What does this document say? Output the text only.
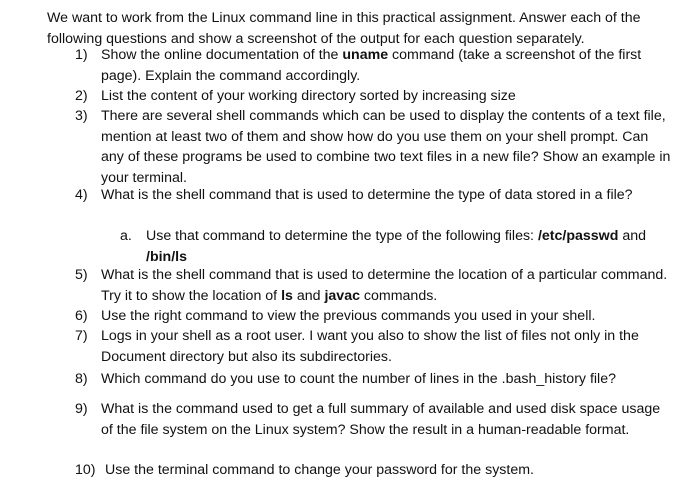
We want to work from the Linux command line in this practical assignment. Answer each of the following questions and show a screenshot of the output for each question separately.
1) Show the online documentation of the uname command (take a screenshot of the first page). Explain the command accordingly.
2) List the content of your working directory sorted by increasing size
3) There are several shell commands which can be used to display the contents of a text file, mention at least two of them and show how do you use them on your shell prompt. Can any of these programs be used to combine two text files in a new file? Show an example in your terminal.
4) What is the shell command that is used to determine the type of data stored in a file?
a. Use that command to determine the type of the following files: /etc/passwd and /bin/ls
5) What is the shell command that is used to determine the location of a particular command. Try it to show the location of ls and javac commands.
6) Use the right command to view the previous commands you used in your shell.
7) Logs in your shell as a root user. I want you also to show the list of files not only in the Document directory but also its subdirectories.
8) Which command do you use to count the number of lines in the .bash_history file?
9) What is the command used to get a full summary of available and used disk space usage of the file system on the Linux system? Show the result in a human-readable format.
10) Use the terminal command to change your password for the system.
